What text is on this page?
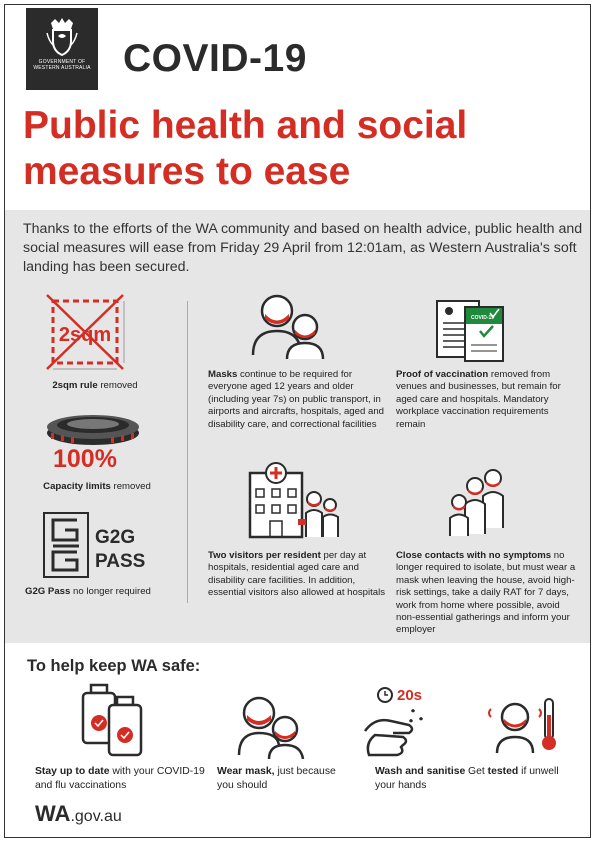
GOVERNMENT OF WESTERN AUSTRALIA COVID-19
Public health and social measures to ease
Thanks to the efforts of the WA community and based on health advice, public health and social measures will ease from Friday 29 April from 12:01am, as Western Australia's soft landing has been secured.
2sqm
2sqm rule removed
100%
Capacity limits removed
G2G
PASS
G2G Pass no longer required
Masks continue to be required for everyone aged 12 years and older (including year 7s) on public transport, in airports and aircrafts, hospitals, aged and disability care, and correctional facilities
COVID-19
Proof of vaccination removed from venues and businesses, but remain for aged care and hospitals. Mandatory workplace vaccination requirements remain
Two visitors per resident per day at hospitals, residential aged care and disability care facilities. In addition, essential visitors also allowed at hospitals
Close contacts with no symptoms no longer required to isolate, but must wear a mask when leaving the house, avoid high-risk settings, take a daily RAT for 7 days, work from home where possible, avoid non-essential gatherings and inform your employer
To help keep WA safe:
Stay up to date with your COVID-19 and flu vaccinations
Wear mask, just because you should
20s
Wash and sanitise your hands
Get tested if unwell
WA.gov.au
